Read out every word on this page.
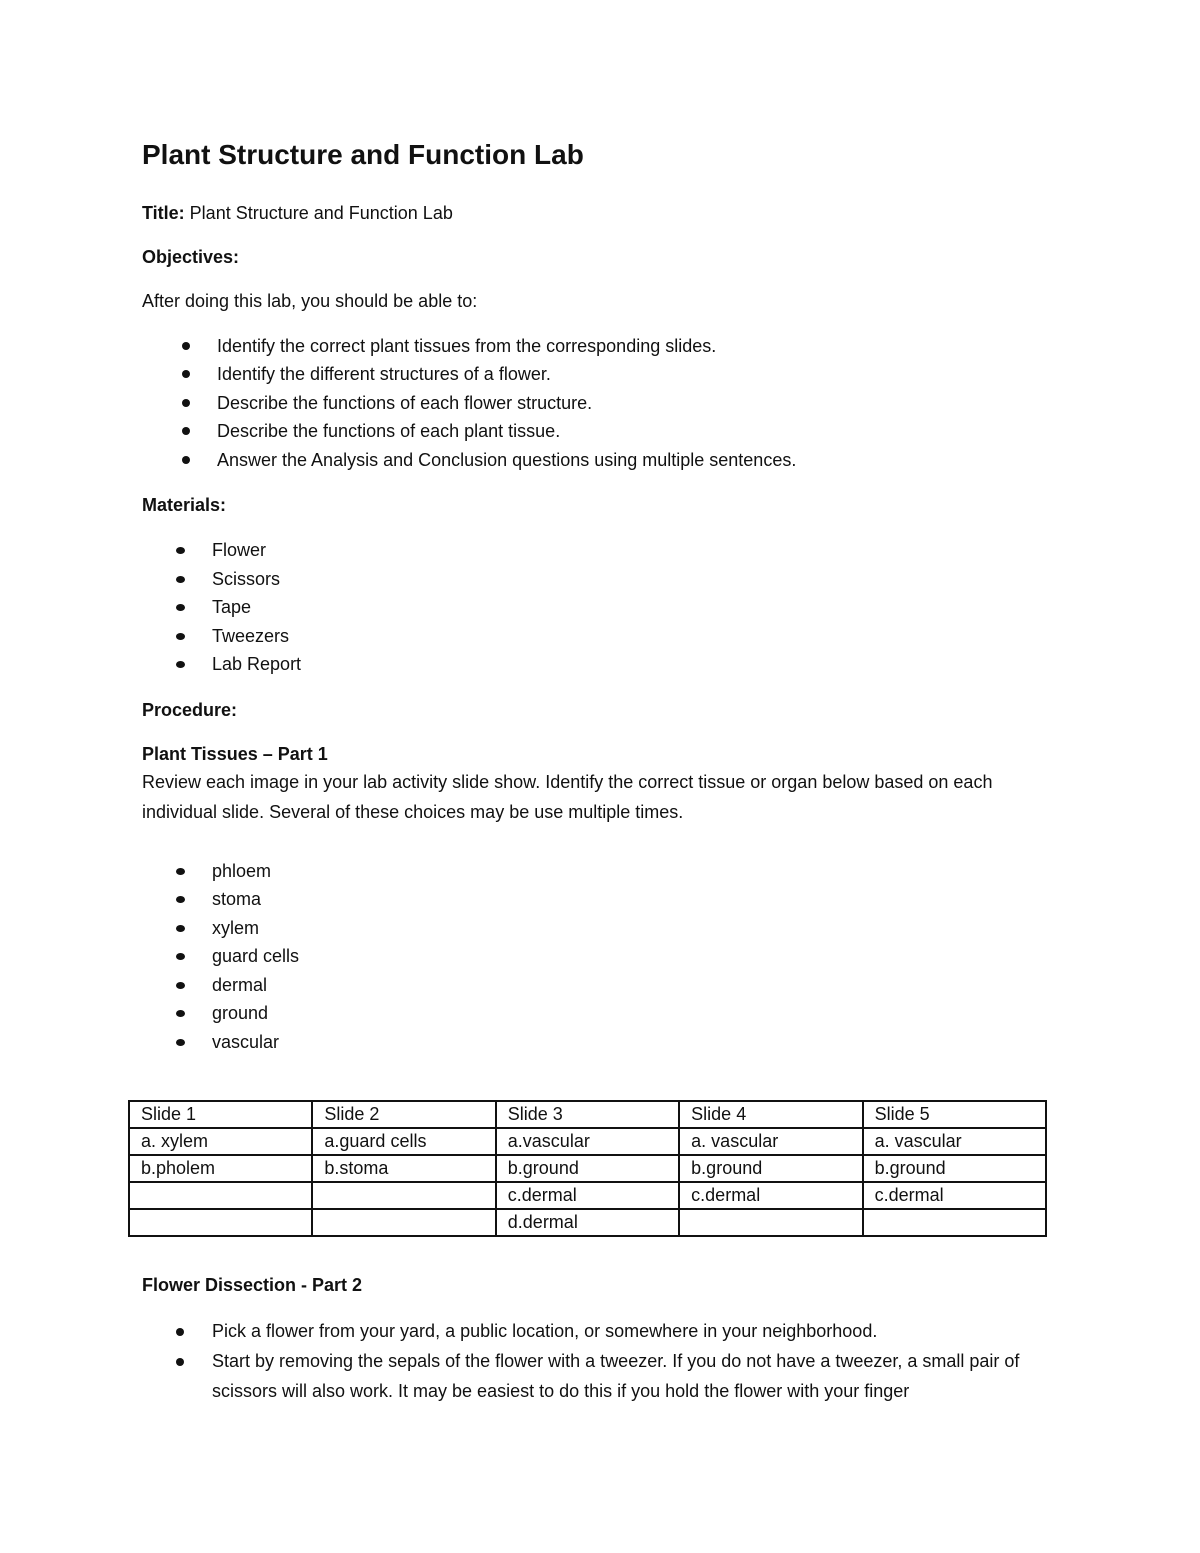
Plant Structure and Function Lab

Title: Plant Structure and Function Lab

Objectives:

After doing this lab, you should be able to:

Identify the correct plant tissues from the corresponding slides.
Identify the different structures of a flower.
Describe the functions of each flower structure.
Describe the functions of each plant tissue.
Answer the Analysis and Conclusion questions using multiple sentences.

Materials:

Flower
Scissors
Tape
Tweezers
Lab Report

Procedure:

Plant Tissues – Part 1

Review each image in your lab activity slide show. Identify the correct tissue or organ below based on each individual slide. Several of these choices may be use multiple times.

phloem
stoma
xylem
guard cells
dermal
ground
vascular
Slide 1	Slide 2	Slide 3	Slide 4	Slide 5
a. xylem	a.guard cells	a.vascular	a. vascular	a. vascular
b.pholem	b.stoma	b.ground	b.ground	b.ground
		c.dermal	c.dermal	c.dermal
		d.dermal		

Flower Dissection - Part 2

Pick a flower from your yard, a public location, or somewhere in your neighborhood.
Start by removing the sepals of the flower with a tweezer. If you do not have a tweezer, a small pair of scissors will also work. It may be easiest to do this if you hold the flower with your finger
